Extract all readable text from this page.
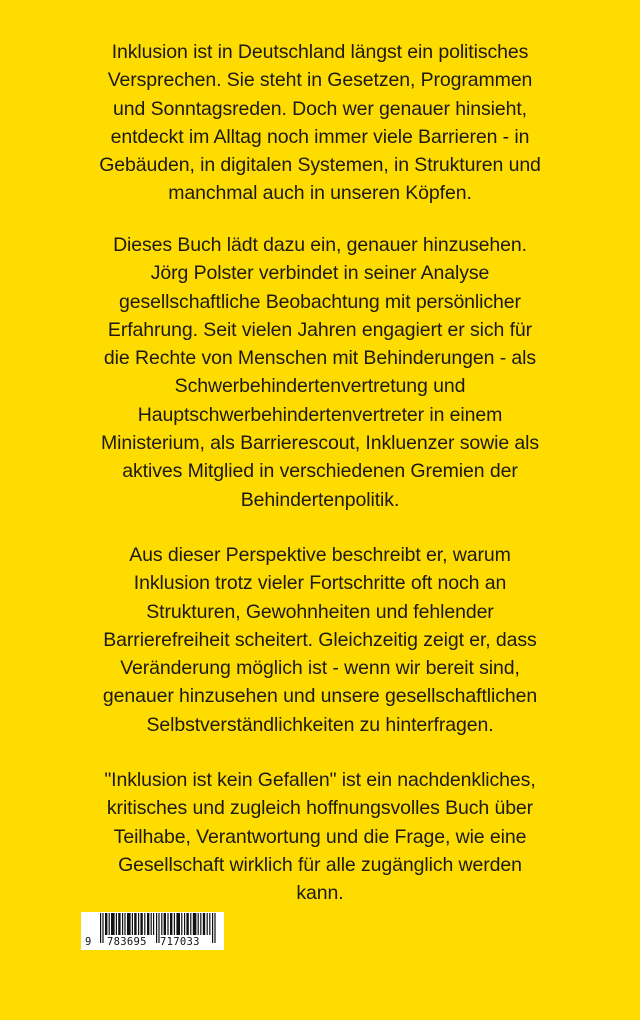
Inklusion ist in Deutschland längst ein politisches
Versprechen. Sie steht in Gesetzen, Programmen
und Sonntagsreden. Doch wer genauer hinsieht,
entdeckt im Alltag noch immer viele Barrieren - in
Gebäuden, in digitalen Systemen, in Strukturen und
manchmal auch in unseren Köpfen.
Dieses Buch lädt dazu ein, genauer hinzusehen.
Jörg Polster verbindet in seiner Analyse
gesellschaftliche Beobachtung mit persönlicher
Erfahrung. Seit vielen Jahren engagiert er sich für
die Rechte von Menschen mit Behinderungen - als
Schwerbehindertenvertretung und
Hauptschwerbehindertenvertreter in einem
Ministerium, als Barrierescout, Inkluenzer sowie als
aktives Mitglied in verschiedenen Gremien der
Behindertenpolitik.
Aus dieser Perspektive beschreibt er, warum
Inklusion trotz vieler Fortschritte oft noch an
Strukturen, Gewohnheiten und fehlender
Barrierefreiheit scheitert. Gleichzeitig zeigt er, dass
Veränderung möglich ist - wenn wir bereit sind,
genauer hinzusehen und unsere gesellschaftlichen
Selbstverständlichkeiten zu hinterfragen.
"Inklusion ist kein Gefallen" ist ein nachdenkliches,
kritisches und zugleich hoffnungsvolles Buch über
Teilhabe, Verantwortung und die Frage, wie eine
Gesellschaft wirklich für alle zugänglich werden
kann.
9 783695 717033
